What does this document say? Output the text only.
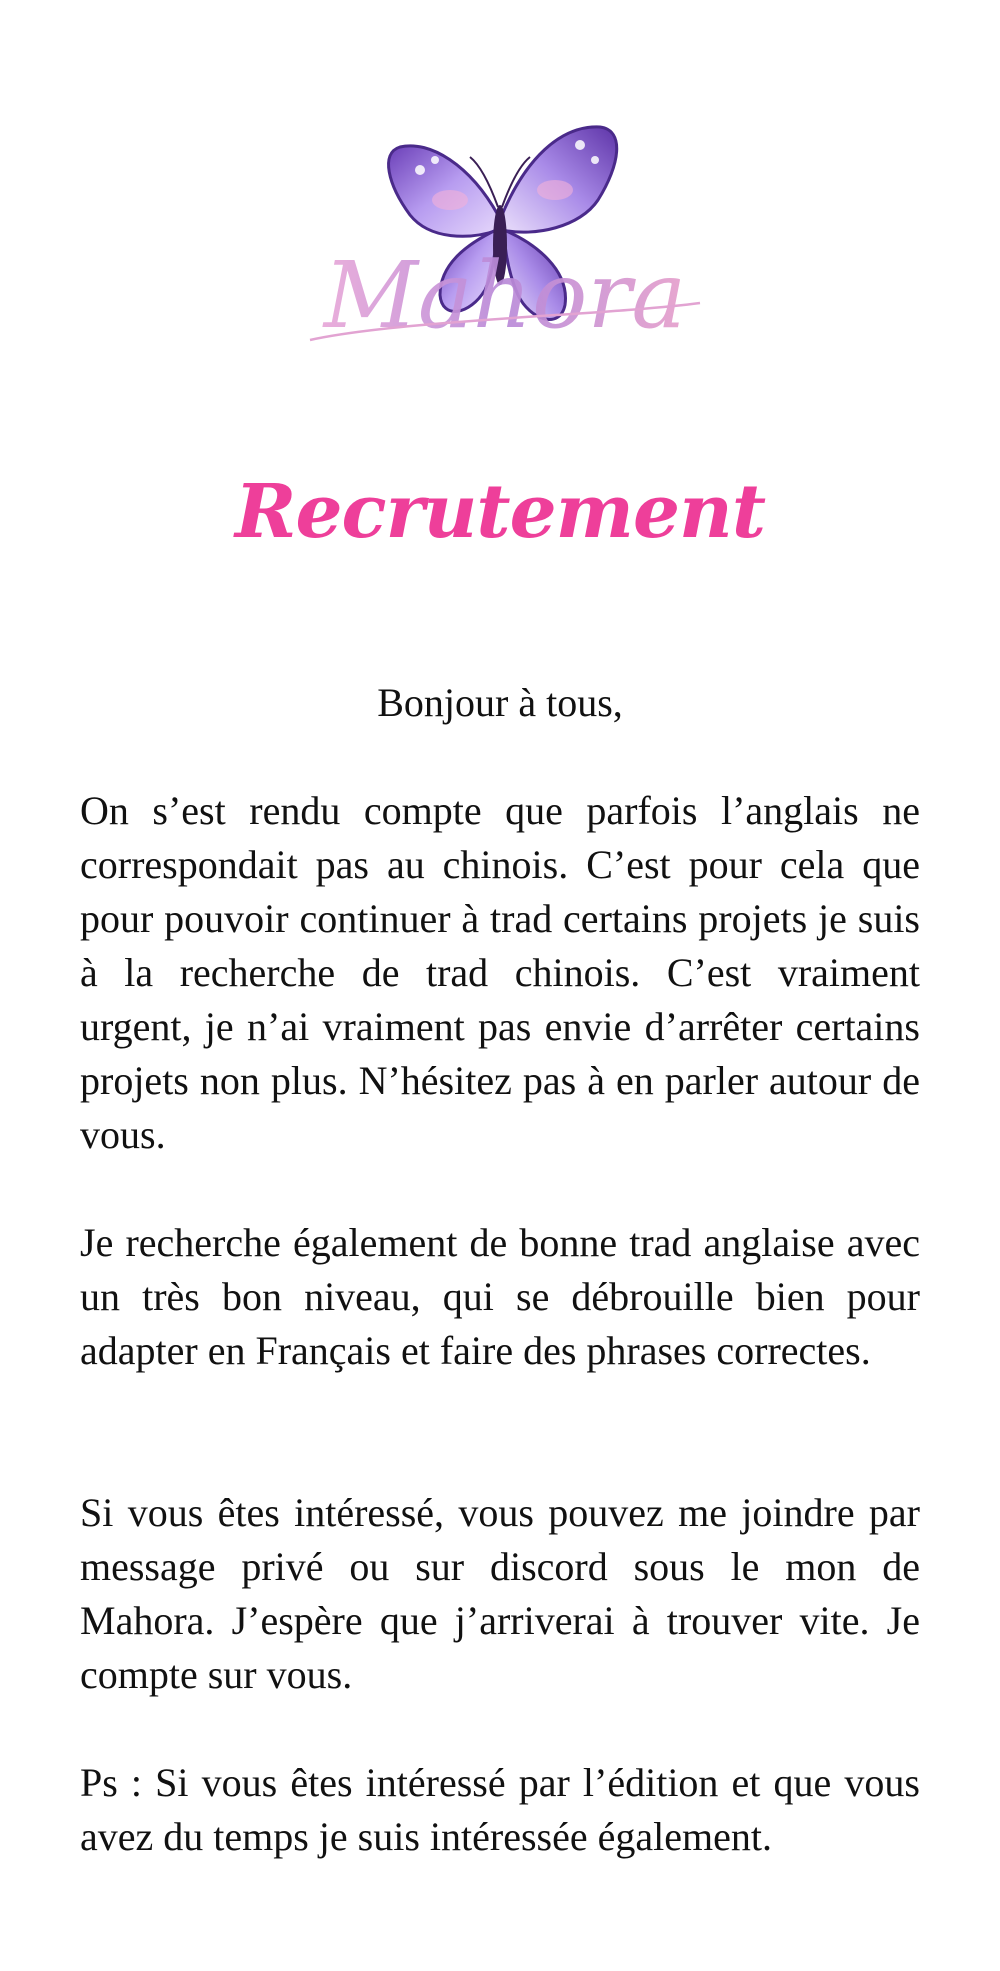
Mahora
Recrutement

Bonjour à tous,

On s’est rendu compte que parfois l’anglais ne correspondait pas au chinois. C’est pour cela que pour pouvoir continuer à trad certains projets je suis à la recherche de trad chinois. C’est vraiment urgent, je n’ai vraiment pas envie d’arrêter certains projets non plus. N’hésitez pas à en parler autour de vous.

Je recherche également de bonne trad anglaise avec un très bon niveau, qui se débrouille bien pour adapter en Français et faire des phrases correctes.

Si vous êtes intéressé, vous pouvez me joindre par message privé ou sur discord sous le mon de Mahora. J’espère que j’arriverai à trouver vite. Je compte sur vous.

Ps : Si vous êtes intéressé par l’édition et que vous avez du temps je suis intéressée également.
